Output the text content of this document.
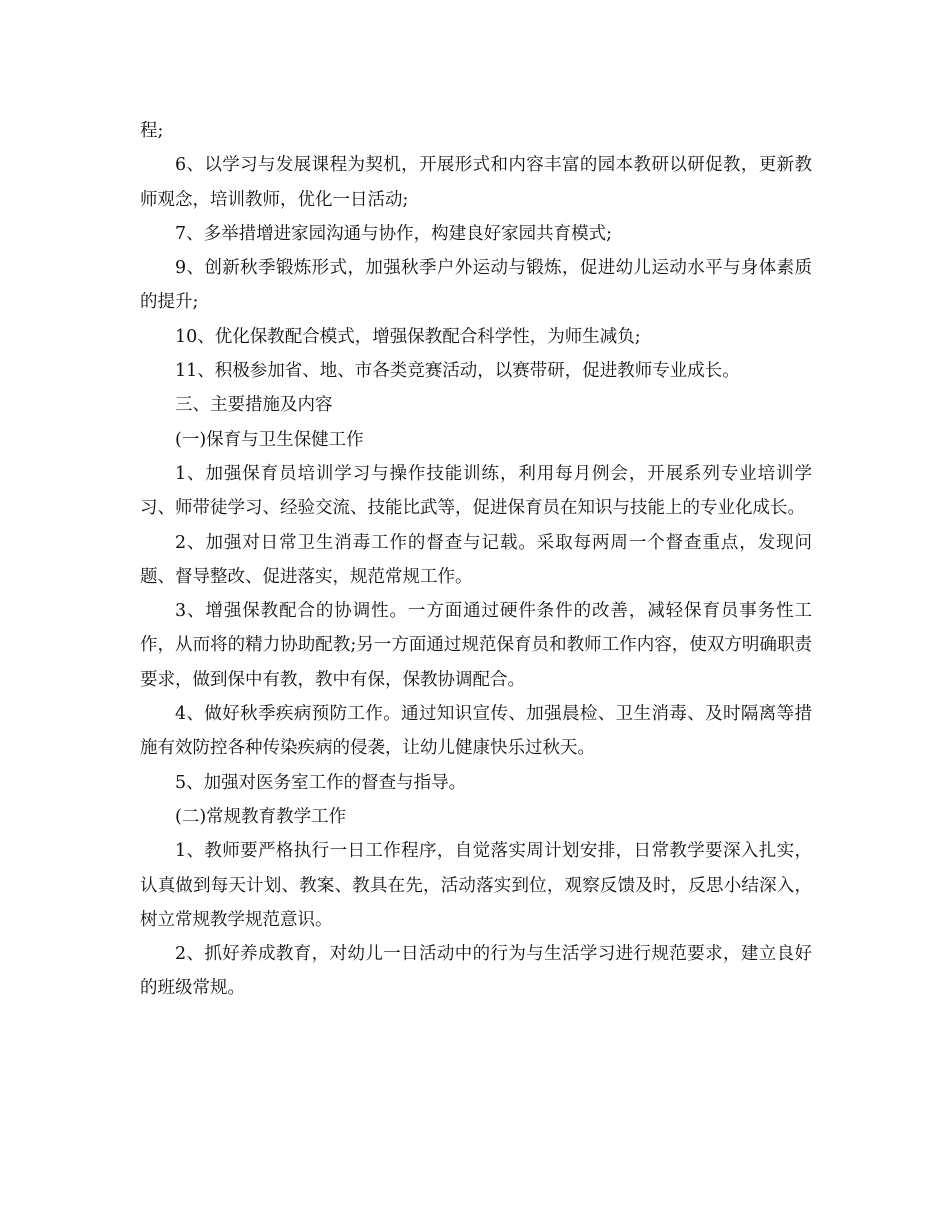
程;

6、以学习与发展课程为契机，开展形式和内容丰富的园本教研以研促教，更新教师观念，培训教师，优化一日活动;

7、多举措增进家园沟通与协作，构建良好家园共育模式;

9、创新秋季锻炼形式，加强秋季户外运动与锻炼，促进幼儿运动水平与身体素质的提升;

10、优化保教配合模式，增强保教配合科学性，为师生减负;

11、积极参加省、地、市各类竞赛活动，以赛带研，促进教师专业成长。

三、主要措施及内容

(一)保育与卫生保健工作

1、加强保育员培训学习与操作技能训练，利用每月例会，开展系列专业培训学习、师带徒学习、经验交流、技能比武等，促进保育员在知识与技能上的专业化成长。

2、加强对日常卫生消毒工作的督查与记载。采取每两周一个督查重点，发现问题、督导整改、促进落实，规范常规工作。

3、增强保教配合的协调性。一方面通过硬件条件的改善，减轻保育员事务性工作，从而将的精力协助配教;另一方面通过规范保育员和教师工作内容，使双方明确职责要求，做到保中有教，教中有保，保教协调配合。

4、做好秋季疾病预防工作。通过知识宣传、加强晨检、卫生消毒、及时隔离等措施有效防控各种传染疾病的侵袭，让幼儿健康快乐过秋天。

5、加强对医务室工作的督查与指导。

(二)常规教育教学工作

1、教师要严格执行一日工作程序，自觉落实周计划安排，日常教学要深入扎实，认真做到每天计划、教案、教具在先，活动落实到位，观察反馈及时，反思小结深入，树立常规教学规范意识。

2、抓好养成教育，对幼儿一日活动中的行为与生活学习进行规范要求，建立良好的班级常规。
